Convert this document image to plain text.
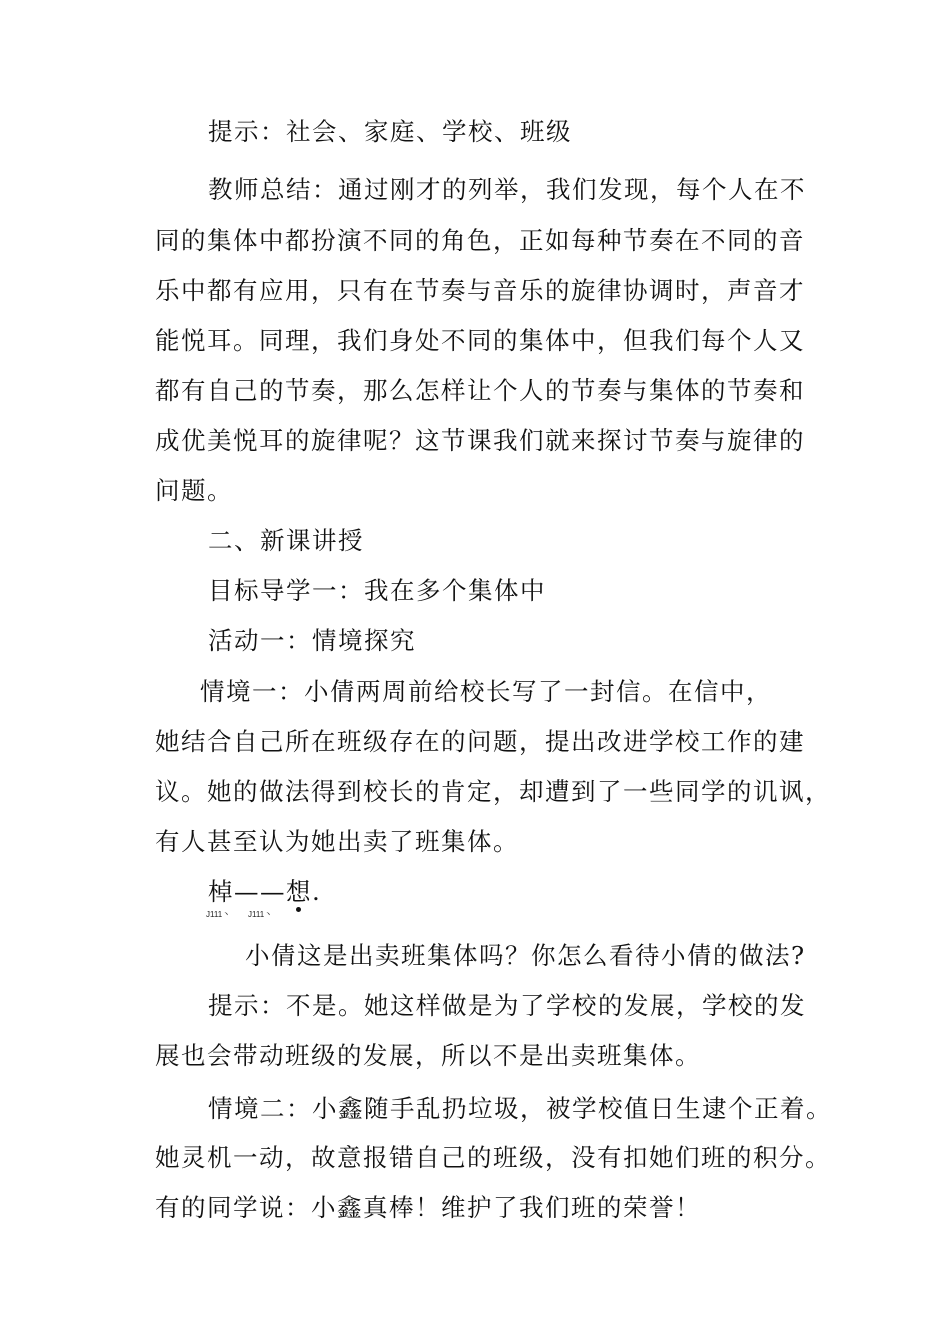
提示：社会、家庭、学校、班级
教师总结：通过刚才的列举，我们发现，每个人在不
同的集体中都扮演不同的角色，正如每种节奏在不同的音
乐中都有应用，只有在节奏与音乐的旋律协调时，声音才
能悦耳。同理，我们身处不同的集体中，但我们每个人又
都有自己的节奏，那么怎样让个人的节奏与集体的节奏和
成优美悦耳的旋律呢？这节课我们就来探讨节奏与旋律的
问题。
二、新课讲授
目标导学一：我在多个集体中
活动一：情境探究
情境一：小倩两周前给校长写了一封信。在信中，
她结合自己所在班级存在的问题，提出改进学校工作的建
议。她的做法得到校长的肯定，却遭到了一些同学的讥讽，
有人甚至认为她出卖了班集体。
棹——想.
J111丶 J111丶
小倩这是出卖班集体吗？你怎么看待小倩的做法?
提示：不是。她这样做是为了学校的发展，学校的发
展也会带动班级的发展，所以不是出卖班集体。
情境二：小鑫随手乱扔垃圾，被学校值日生逮个正着。
她灵机一动，故意报错自己的班级，没有扣她们班的积分。
有的同学说：小鑫真棒！维护了我们班的荣誉！
